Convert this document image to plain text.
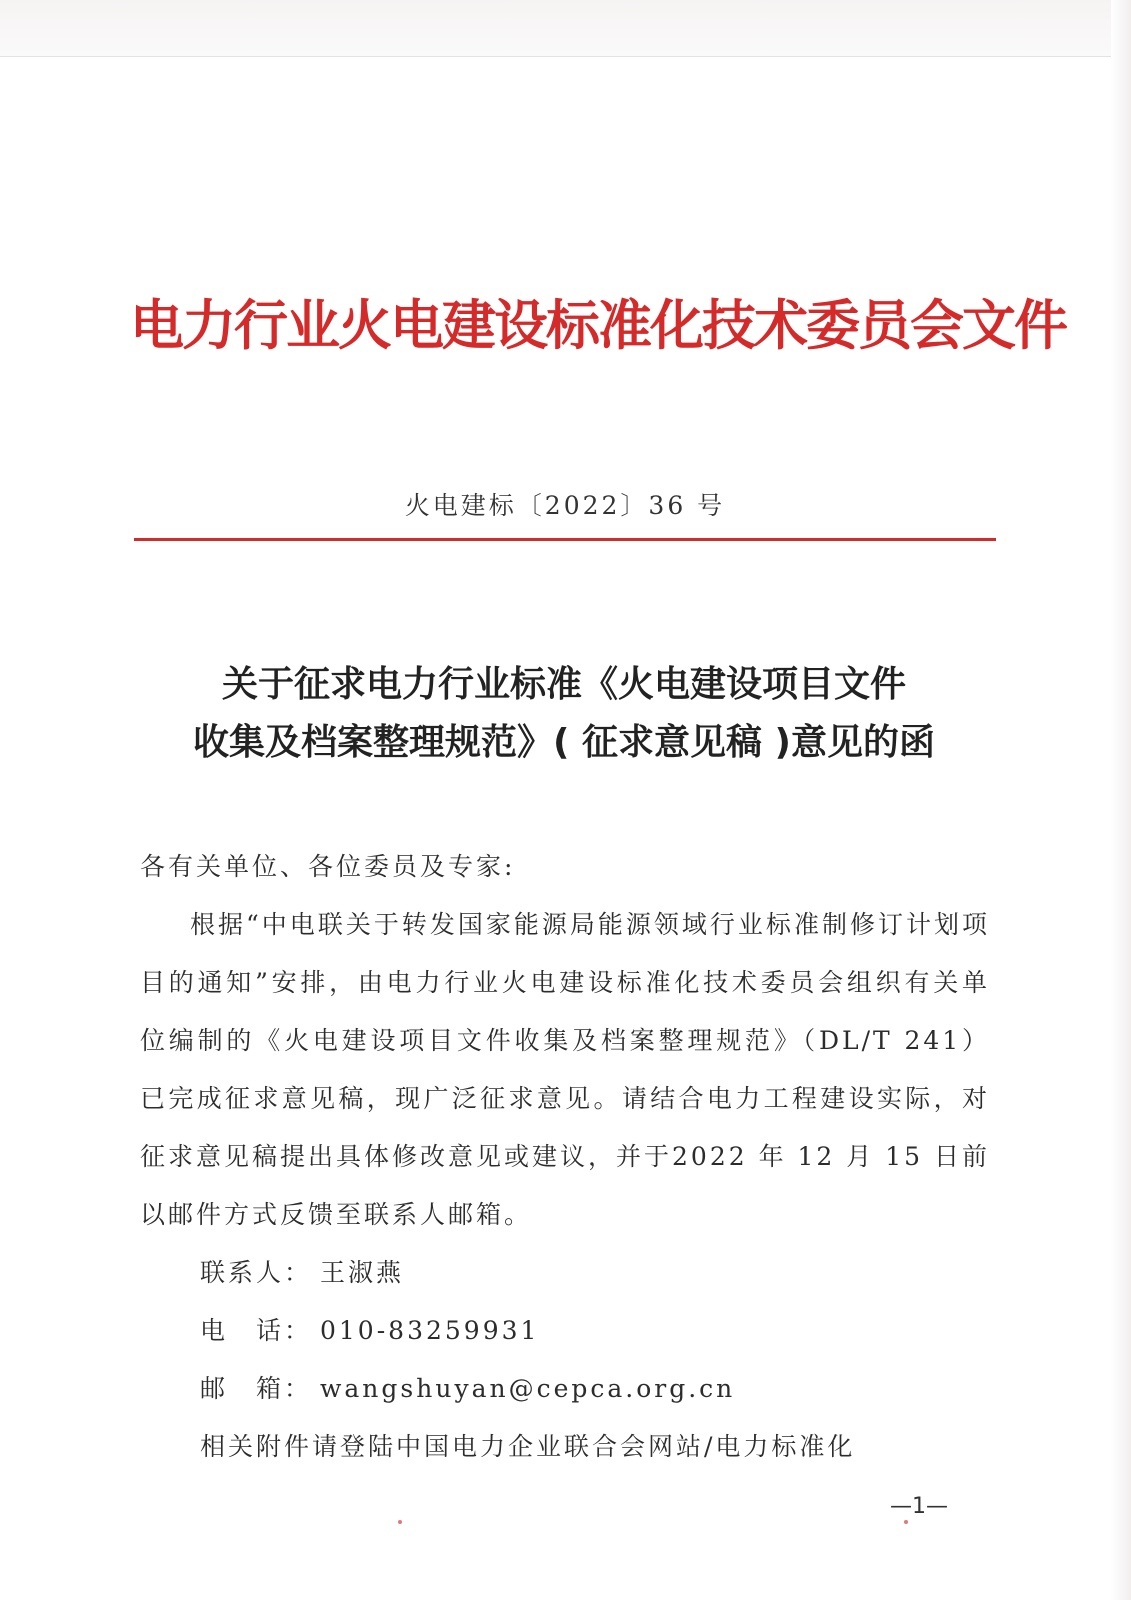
电力行业火电建设标准化技术委员会文件
火电建标〔2022〕36 号
关于征求电力行业标准《火电建设项目文件
收集及档案整理规范》( 征求意见稿 )意见的函

各有关单位、各位委员及专家:

根据“中电联关于转发国家能源局能源领域行业标准制修订计划项目的通知”安排，由电力行业火电建设标准化技术委员会组织有关单位编制的《火电建设项目文件收集及档案整理规范》（DL/T 241）已完成征求意见稿，现广泛征求意见。请结合电力工程建设实际，对征求意见稿提出具体修改意见或建议，并于2022 年 12 月 15 日前以邮件方式反馈至联系人邮箱。

联系人： 王淑燕

电　话： 010-83259931

邮　箱： wangshuyan@cepca.org.cn

相关附件请登陆中国电力企业联合会网站/电力标准化

—1—
